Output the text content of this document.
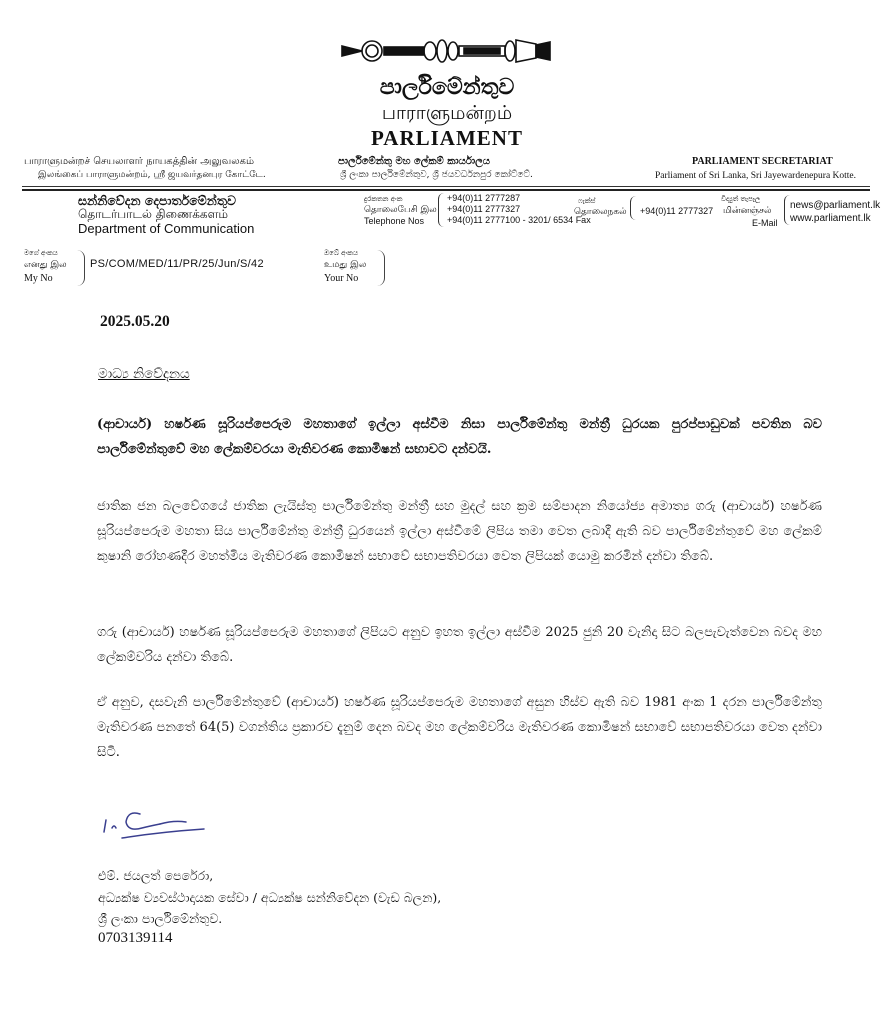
පාර්ලිමේන්තුව
பாராளுமன்றம்
PARLIAMENT
பாராளுமன்றச் செயலாளர் நாயகத்தின் அலுவலகம்
இலங்கைப் பாராளுமன்றம், ஸ்ரீ ஜயவர்தனபுர கோட்டே.
පාර්ලිමේන්තු මහ ලේකම් කාර්යාලය
ශ්‍රී ලංකා පාර්ලිමේන්තුව, ශ්‍රී ජයවර්ධනපුර කෝට්ටේ.
PARLIAMENT SECRETARIAT
Parliament of Sri Lanka, Sri Jayewardenepura Kotte.
සන්නිවේදන දෙපාර්තමේන්තුව
தொடர்பாடல் திணைக்களம்
Department of Communication
දුරකතන අංක
தொலைபேசி இல
Telephone Nos
+94(0)11 2777287
+94(0)11 2777327
+94(0)11 2777100 - 3201/ 6534 Fax
ෆැක්ස්
தொலைநகல் +94(0)11 2777327
විද්‍යුත් තැපෑල
மின்னஞ்சல்
E-Mail
news@parliament.lk
www.parliament.lk
මගේ අංකය
எனது இல
My No
PS/COM/MED/11/PR/25/Jun/S/42
ඔබේ අංකය
உமது இல
Your No
2025.05.20
මාධ්‍ය නිවේදනය
(ආචාර්ය) හර්ෂණ සූරියප්පෙරුම මහතාගේ ඉල්ලා අස්වීම නිසා පාර්ලිමේන්තු මන්ත්‍රී ධුරයක පුරප්පාඩුවක් පවතින බව පාර්ලිමේන්තුවේ මහ ලේකම්වරයා මැතිවරණ කොමිෂන් සභාවට දන්වයි.
ජාතික ජන බලවේගයේ ජාතික ලැයිස්තු පාර්ලිමේන්තු මන්ත්‍රී සහ මුදල් සහ ක්‍රම සම්පාදන නියෝජ්‍ය අමාත්‍ය ගරු (ආචාර්ය) හර්ෂණ සූරියප්පෙරුම මහතා සිය පාර්ලිමේන්තු මන්ත්‍රී ධුරයෙන් ඉල්ලා අස්වීමේ ලිපිය තමා වෙත ලබාදී ඇති බව පාර්ලිමේන්තුවේ මහ ලේකම් කුෂානි රෝහණදීර මහත්මිය මැතිවරණ කොමිෂන් සභාවේ සභාපතිවරයා වෙත ලිපියක් යොමු කරමින් දන්වා තිබේ.
ගරු (ආචාර්ය) හර්ෂණ සූරියප්පෙරුම මහතාගේ ලිපියට අනුව ඉහත ඉල්ලා අස්වීම 2025 ජුනි 20 වැනිදා සිට බලපැවැත්වෙන බවද මහ ලේකම්වරිය දන්වා තිබේ.
ඒ අනුව, දසවැනි පාර්ලිමේන්තුවේ (ආචාර්ය) හර්ෂණ සූරියප්පෙරුම මහතාගේ අසුන හිස්ව ඇති බව 1981 අංක 1 දරන පාර්ලිමේන්තු මැතිවරණ පනතේ 64(5) වගන්තිය ප්‍රකාරව දැනුම් දෙන බවද මහ ලේකම්වරිය මැතිවරණ කොමිෂන් සභාවේ සභාපතිවරයා වෙත දන්වා සිටී.
එම්. ජයලත් පෙරේරා,
අධ්‍යක්ෂ ව්‍යවස්ථාදායක සේවා / අධ්‍යක්ෂ සන්නිවේදන (වැඩ බලන),
ශ්‍රී ලංකා පාර්ලිමේන්තුව.
0703139114
